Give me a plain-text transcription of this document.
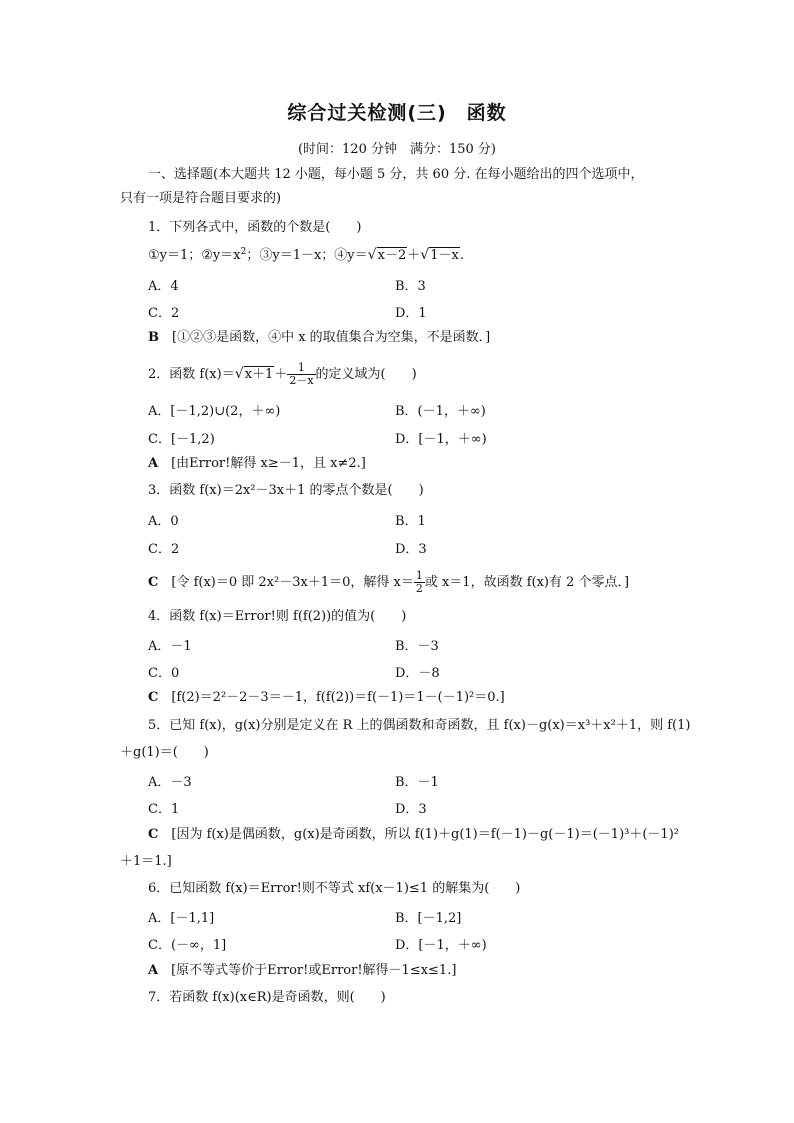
综合过关检测(三)　函数
(时间：120 分钟　满分：150 分)
一、选择题(本大题共 12 小题，每小题 5 分，共 60 分. 在每小题给出的四个选项中，
只有一项是符合题目要求的)
1．下列各式中，函数的个数是(　　)
①y＝1；$②y=x^2$；③y＝1－x；④y＝ √ x－2＋ √ 1－x.
A．4	B．3
C．2	D．1
B　 [①②③是函数，④中 x 的取值集合为空集，不是函数．]
2．函数 f(x)＝ √ $x+1+ \frac{1}{2-x}$ 的定义域为(　　)
A．[－1,2)∪(2，＋∞)	B．(－1，＋∞)
C．[－1,2)	D．[－1，＋∞)
A　 [由Error!解得 x≥－1，且 x≠2.]
3．函数 f(x)＝2x²－3x＋1 的零点个数是(　　)
A．0	B．1
C．2	D．3
C　 [令 f(x)＝0 即 2x²－3x＋1＝0，解得 $x= \frac{1}{2}$ 或 x＝1，故函数 f(x)有 2 个零点．]
4．函数 f(x)＝Error!则 f(f(2))的值为(　　)
A．－1	B．－3
C．0	D．－8
C　 [f(2)＝2²－2－3＝－1，f(f(2))＝f(－1)＝1－(－1)²＝0.]
5．已知 f(x)，g(x)分别是定义在 R 上的偶函数和奇函数，且 f(x)－g(x)＝x³＋x²＋1，则 f(1)
＋g(1)＝(　　)
A．－3	B．－1
C．1	D．3
C　 [因为 f(x)是偶函数，g(x)是奇函数，所以 f(1)＋g(1)＝f(－1)－g(－1)＝(－1)³＋(－1)²
＋1＝1.]
6．已知函数 f(x)＝Error!则不等式 xf(x－1)≤1 的解集为(　　)
A．[－1,1]	B．[－1,2]
C．(－∞，1]	D．[－1，＋∞)
A　 [原不等式等价于Error!或Error!解得－1≤x≤1.]
7．若函数 f(x)(x∈R)是奇函数，则(　　)
